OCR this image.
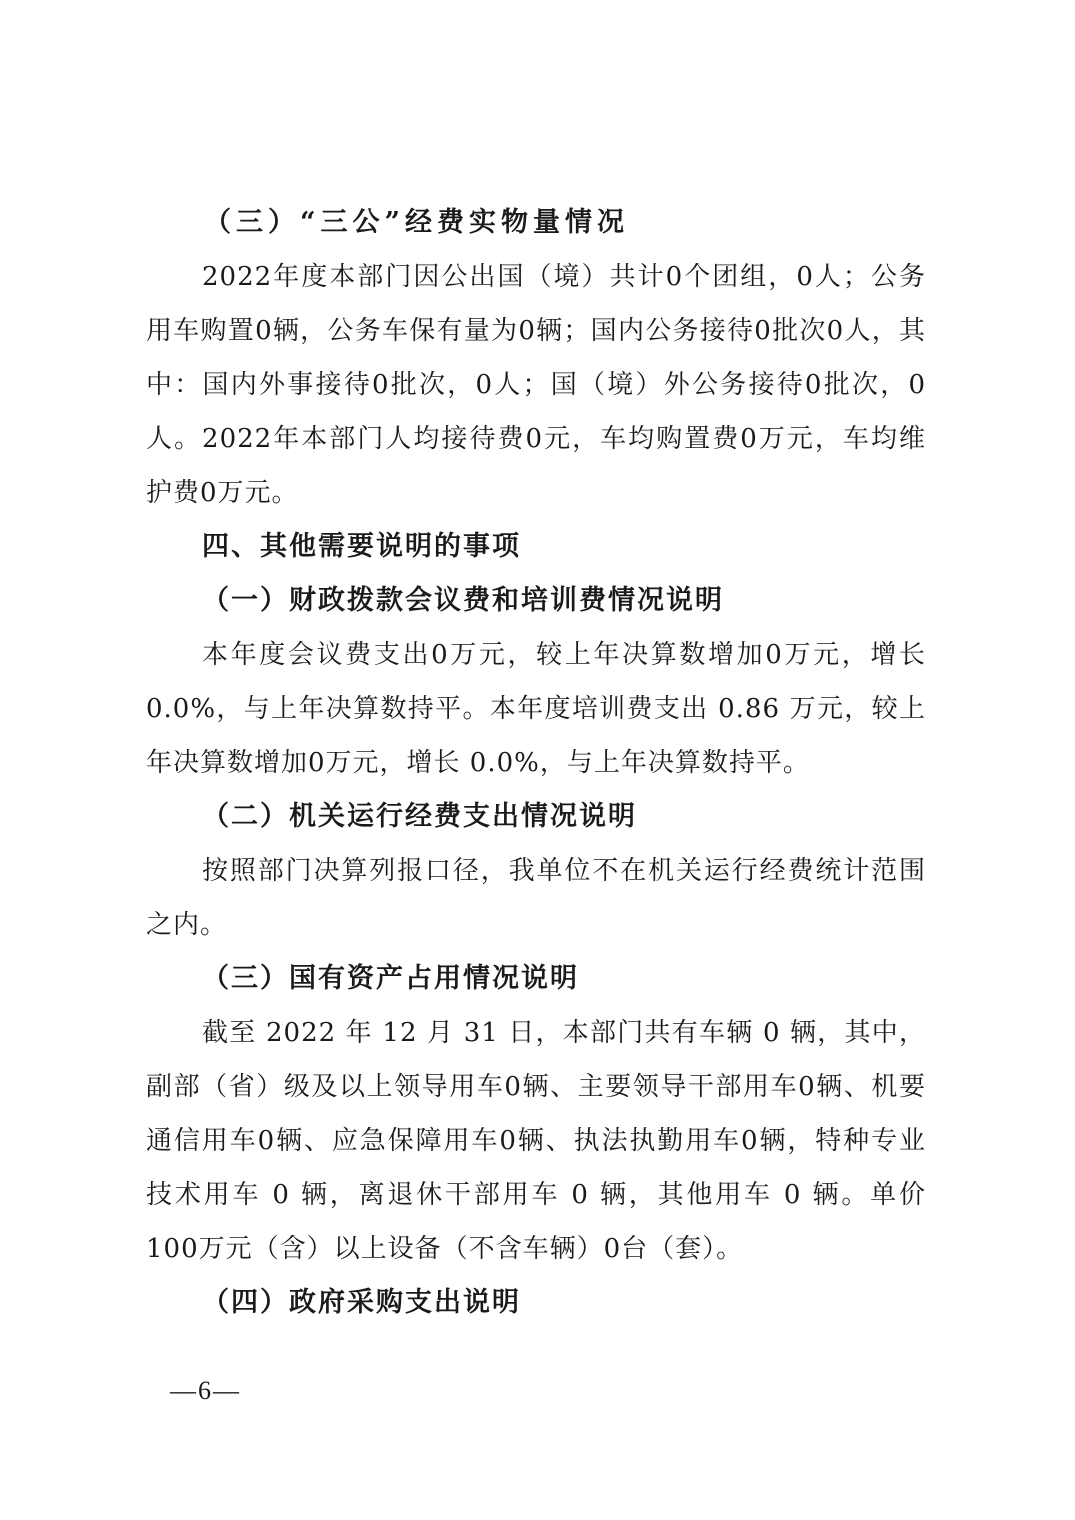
（三）“三公”经费实物量情况
2022年度本部门因公出国（境）共计0个团组，0人；公务用车购置0辆，公务车保有量为0辆；国内公务接待0批次0人，其中：国内外事接待0批次，0人；国（境）外公务接待0批次，0人。2022年本部门人均接待费0元，车均购置费0万元，车均维护费0万元。
四、其他需要说明的事项
（一）财政拨款会议费和培训费情况说明
本年度会议费支出0万元，较上年决算数增加0万元，增长 0.0%，与上年决算数持平。本年度培训费支出 0.86 万元，较上年决算数增加0万元，增长 0.0%，与上年决算数持平。
（二）机关运行经费支出情况说明
按照部门决算列报口径，我单位不在机关运行经费统计范围之内。
（三）国有资产占用情况说明
截至 2022 年 12 月 31 日，本部门共有车辆 0 辆，其中，副部（省）级及以上领导用车0辆、主要领导干部用车0辆、机要通信用车0辆、应急保障用车0辆、执法执勤用车0辆，特种专业技术用车 0 辆，离退休干部用车 0 辆，其他用车 0 辆。单价100万元（含）以上设备（不含车辆）0台（套）。
（四）政府采购支出说明
—6—
